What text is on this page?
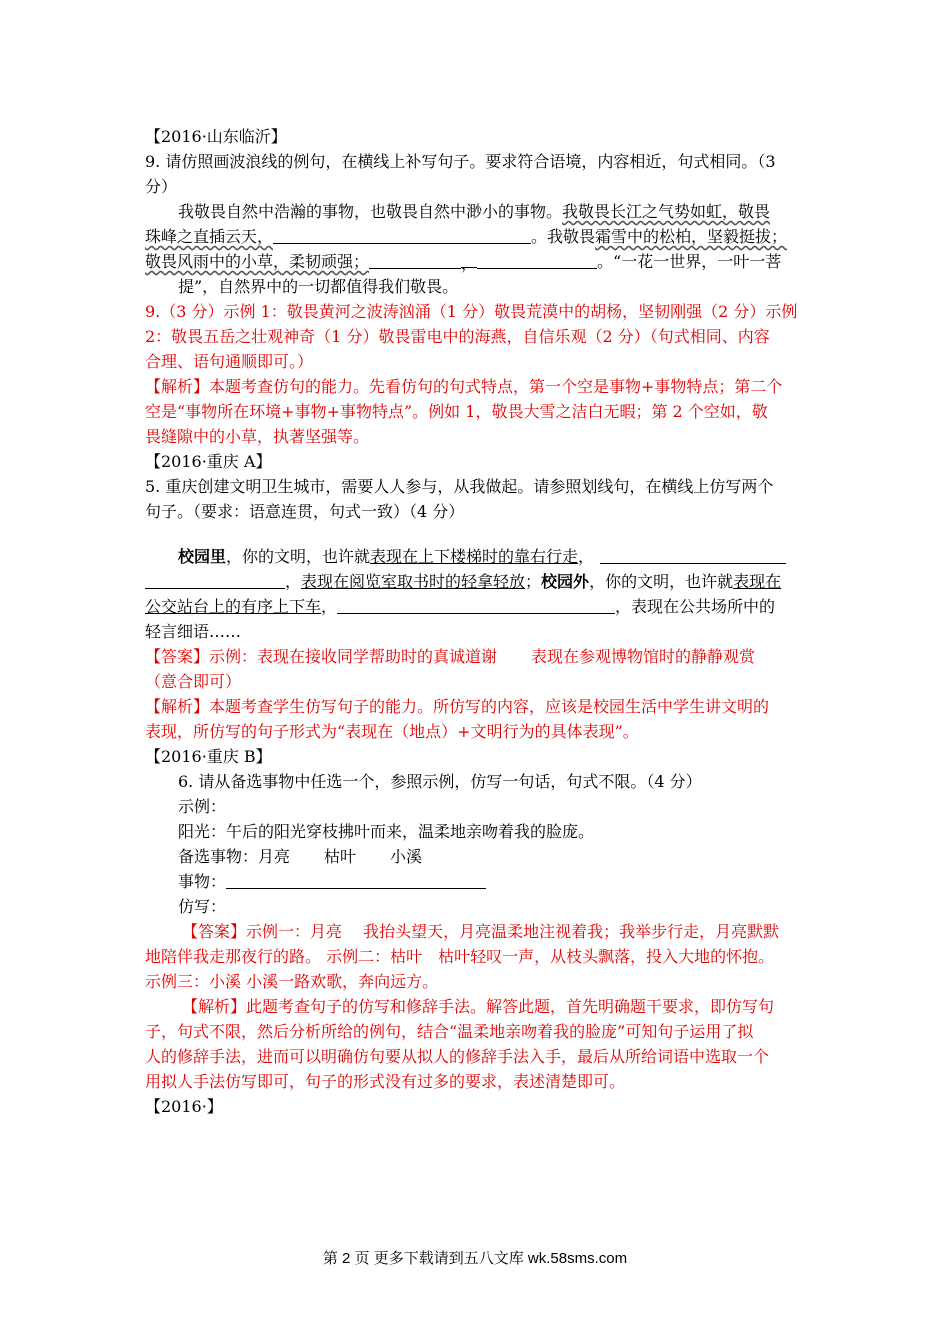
【2016·山东临沂】
9. 请仿照画波浪线的例句，在横线上补写句子。要求符合语境，内容相近，句式相同。（3
分）
我敬畏自然中浩瀚的事物，也敬畏自然中渺小的事物。我敬畏长江之气势如虹，敬畏
珠峰之直插云天，	。我敬畏霜雪中的松柏，坚毅挺拔；
敬畏风雨中的小草，柔韧顽强；	，	。“一花一世界，一叶一菩
提”，自然界中的一切都值得我们敬畏。
9.（3 分）示例 1：敬畏黄河之波涛汹涌（1 分）敬畏荒漠中的胡杨，坚韧刚强（2 分）示例
2：敬畏五岳之壮观神奇（1 分）敬畏雷电中的海燕，自信乐观（2 分）（句式相同、内容
合理、语句通顺即可。）
【解析】本题考查仿句的能力。先看仿句的句式特点，第一个空是事物+事物特点；第二个
空是“事物所在环境+事物+事物特点”。例如 1，敬畏大雪之洁白无暇；第 2 个空如，敬
畏缝隙中的小草，执著坚强等。
【2016·重庆 A】
5. 重庆创建文明卫生城市，需要人人参与，从我做起。请参照划线句，在横线上仿写两个
句子。（要求：语意连贯，句式一致）（4 分）
校园里，你的文明，也许就表现在上下楼梯时的靠右行走，
，表现在阅览室取书时的轻拿轻放；校园外，你的文明，也许就表现在
公交站台上的有序上下车，	，表现在公共场所中的
轻言细语……
【答案】示例：表现在接收同学帮助时的真诚道谢 表现在参观博物馆时的静静观赏
（意合即可）
【解析】本题考查学生仿写句子的能力。所仿写的内容，应该是校园生活中学生讲文明的
表现，所仿写的句子形式为“表现在（地点）+文明行为的具体表现”。
【2016·重庆 B】
6. 请从备选事物中任选一个，参照示例，仿写一句话，句式不限。（4 分）
示例：
阳光：午后的阳光穿枝拂叶而来，温柔地亲吻着我的脸庞。
备选事物：月亮 枯叶 小溪
事物：
仿写：
【答案】示例一：月亮　 我抬头望天，月亮温柔地注视着我；我举步行走，月亮默默
地陪伴我走那夜行的路。 示例二：枯叶　枯叶轻叹一声，从枝头飘落，投入大地的怀抱。
示例三：小溪 小溪一路欢歌，奔向远方。
【解析】此题考查句子的仿写和修辞手法。解答此题，首先明确题干要求，即仿写句
子，句式不限，然后分析所给的例句，结合“温柔地亲吻着我的脸庞”可知句子运用了拟
人的修辞手法，进而可以明确仿句要从拟人的修辞手法入手，最后从所给词语中选取一个
用拟人手法仿写即可，句子的形式没有过多的要求，表述清楚即可。
【2016·】
第 2 页 更多下载请到五八文库 wk.58sms.com
